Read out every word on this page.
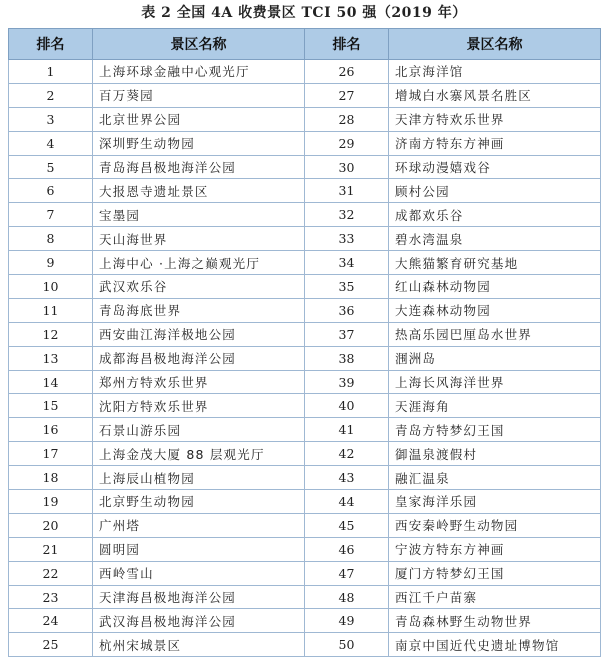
表 2 全国 4A 收费景区 TCI 50 强（2019 年）
排名	景区名称	排名	景区名称
1	上海环球金融中心观光厅	26	北京海洋馆
2	百万葵园	27	增城白水寨风景名胜区
3	北京世界公园	28	天津方特欢乐世界
4	深圳野生动物园	29	济南方特东方神画
5	青岛海昌极地海洋公园	30	环球动漫嬉戏谷
6	大报恩寺遗址景区	31	顾村公园
7	宝墨园	32	成都欢乐谷
8	天山海世界	33	碧水湾温泉
9	上海中心 ·上海之巅观光厅	34	大熊猫繁育研究基地
10	武汉欢乐谷	35	红山森林动物园
11	青岛海底世界	36	大连森林动物园
12	西安曲江海洋极地公园	37	热高乐园巴厘岛水世界
13	成都海昌极地海洋公园	38	涠洲岛
14	郑州方特欢乐世界	39	上海长风海洋世界
15	沈阳方特欢乐世界	40	天涯海角
16	石景山游乐园	41	青岛方特梦幻王国
17	上海金茂大厦 88 层观光厅	42	御温泉渡假村
18	上海辰山植物园	43	融汇温泉
19	北京野生动物园	44	皇家海洋乐园
20	广州塔	45	西安秦岭野生动物园
21	圆明园	46	宁波方特东方神画
22	西岭雪山	47	厦门方特梦幻王国
23	天津海昌极地海洋公园	48	西江千户苗寨
24	武汉海昌极地海洋公园	49	青岛森林野生动物世界
25	杭州宋城景区	50	南京中国近代史遗址博物馆
